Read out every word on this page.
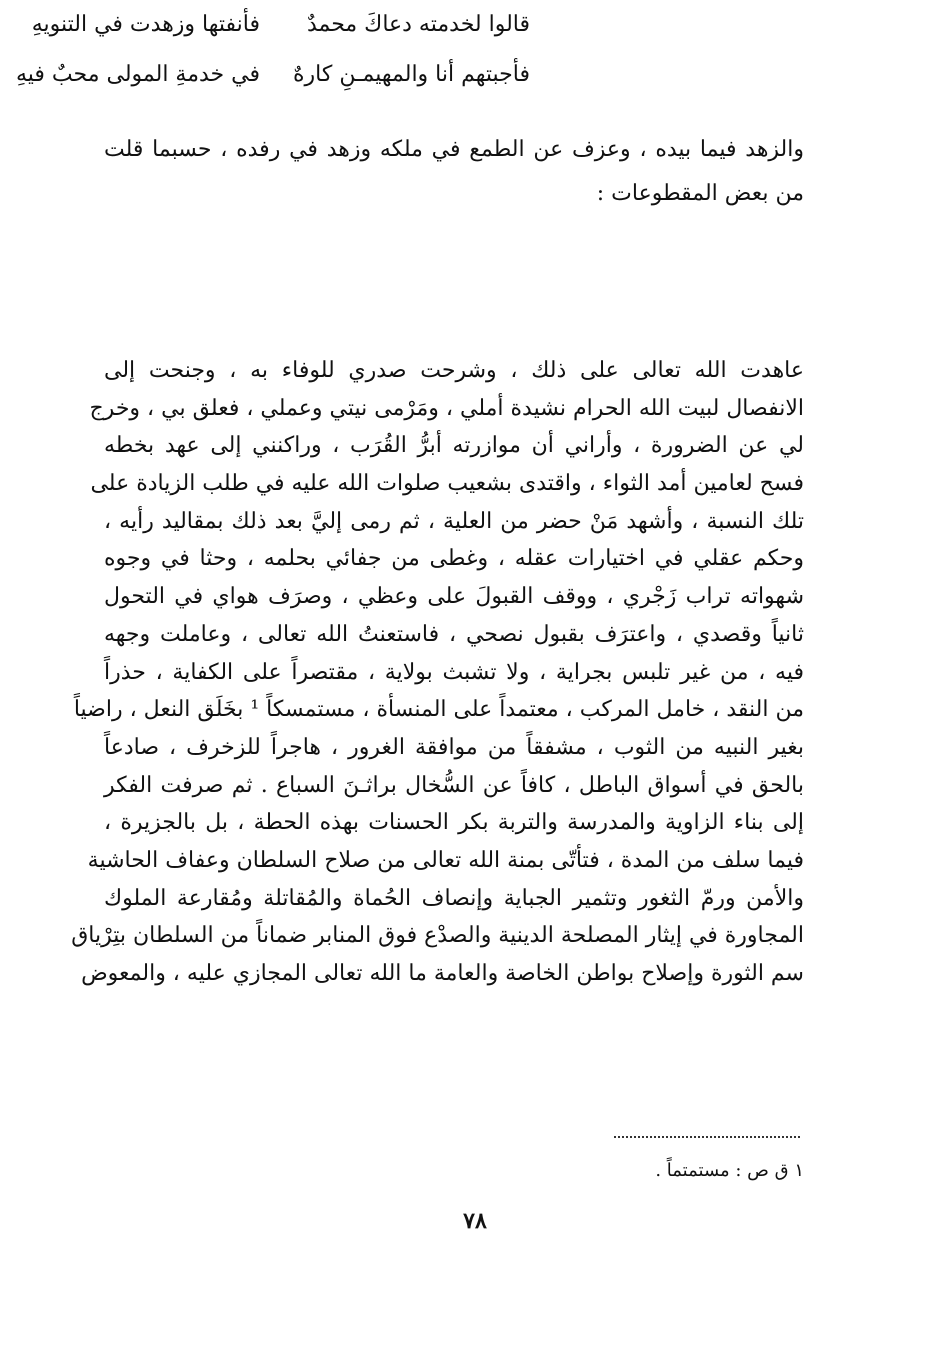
والزهد فيما بيده ، وعزف عن الطمع في ملكه وزهد في رفده ، حسبما قلت
من بعض المقطوعات :
قالوا لخدمته دعاكَ محمدٌ
فأنفتها وزهدت في التنويهِ
فأجبتهم أنا والمهيمـنِ كارهٌ
في خدمةِ المولى محبٌ فيهِ
عاهدت الله تعالى على ذلك ، وشرحت صدري للوفاء به ، وجنحت إلى
الانفصال لبيت الله الحرام نشيدة أملي ، ومَرْمى نيتي وعملي ، فعلق بي ، وخرج
لي عن الضرورة ، وأراني أن موازرته أبرُّ القُرَب ، وراكنني إلى عهد بخطه
فسح لعامين أمد الثواء ، واقتدى بشعيب صلوات الله عليه في طلب الزيادة على
تلك النسبة ، وأشهد مَنْ حضر من العلية ، ثم رمى إليَّ بعد ذلك بمقاليد رأيه ،
وحكم عقلي في اختيارات عقله ، وغطى من جفائي بحلمه ، وحثا في وجوه
شهواته تراب زَجْري ، ووقف القبولَ على وعظي ، وصرَف هواي في التحول
ثانياً وقصدي ، واعترَف بقبول نصحي ، فاستعنتُ الله تعالى ، وعاملت وجهه
فيه ، من غير تلبس بجراية ، ولا تشبث بولاية ، مقتصراً على الكفاية ، حذراً
من النقد ، خامل المركب ، معتمداً على المنسأة ، مستمسكاً ¹ بخَلَق النعل ، راضياً
بغير النبيه من الثوب ، مشفقاً من موافقة الغرور ، هاجراً للزخرف ، صادعاً
بالحق في أسواق الباطل ، كافاً عن السُّخال براثـنَ السباع . ثم صرفت الفكر
إلى بناء الزاوية والمدرسة والتربة بكر الحسنات بهذه الحطة ، بل بالجزيرة ،
فيما سلف من المدة ، فتأتّى بمنة الله تعالى من صلاح السلطان وعفاف الحاشية
والأمن ورمّ الثغور وتثمير الجباية وإنصاف الحُماة والمُقاتلة ومُقارعة الملوك
المجاورة في إيثار المصلحة الدينية والصدْع فوق المنابر ضماناً من السلطان بتِرْياق
سم الثورة وإصلاح بواطن الخاصة والعامة ما الله تعالى المجازي عليه ، والمعوض
١ ق ص : مستمتماً .
٧٨
